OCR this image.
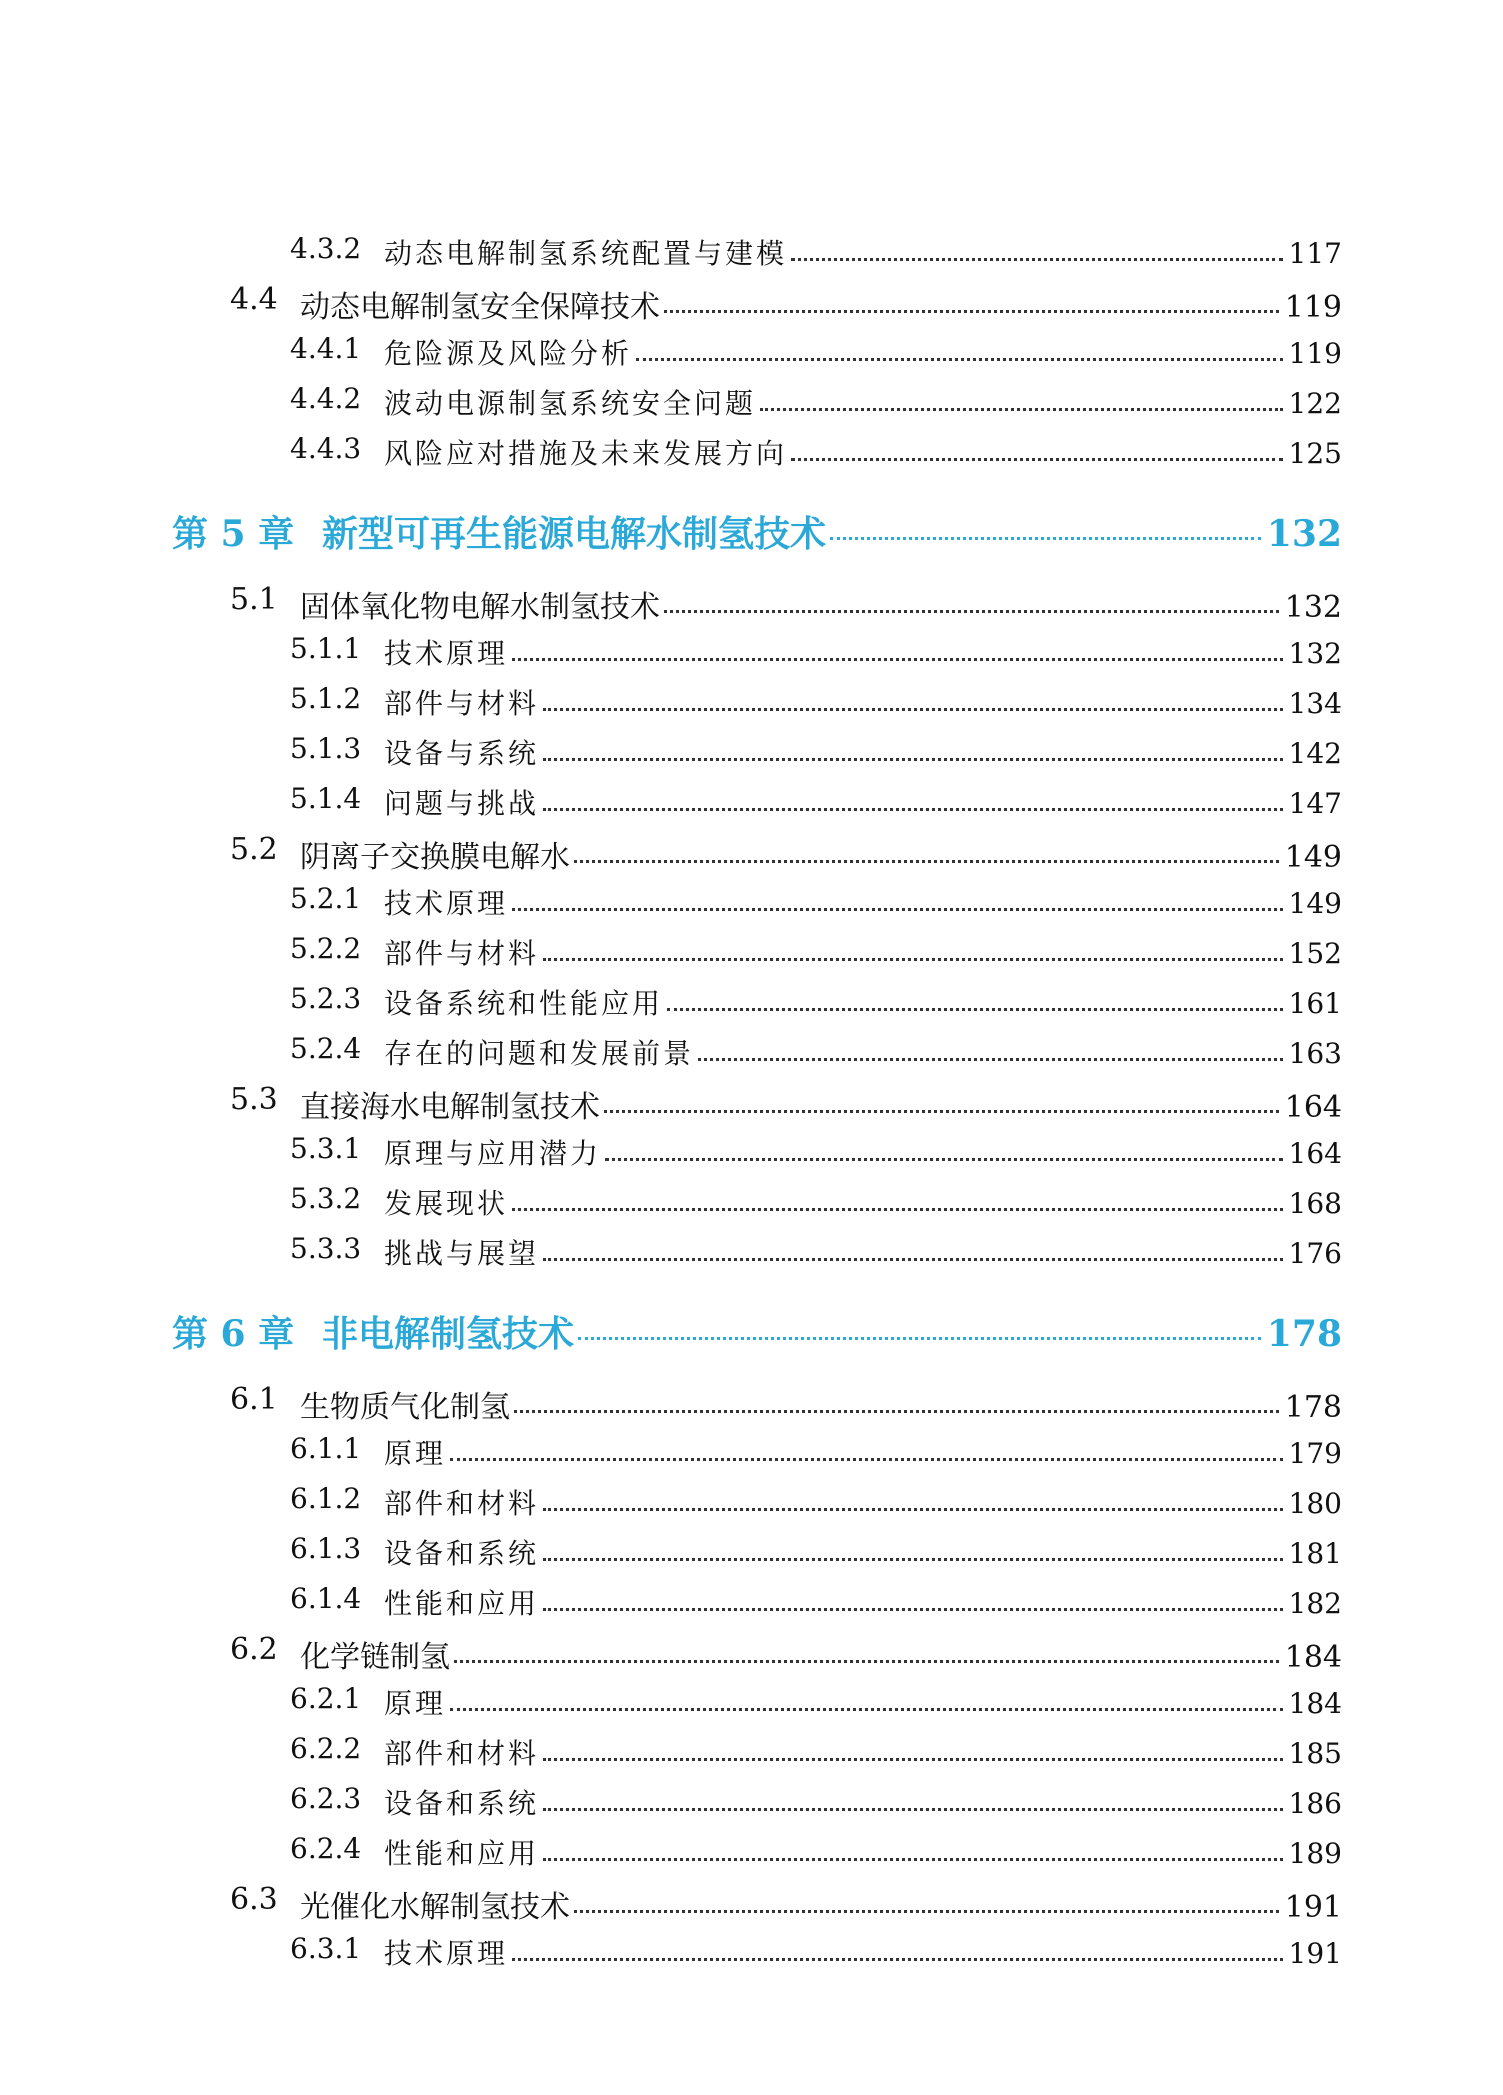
4.3.2 动态电解制氢系统配置与建模	117
4.4 动态电解制氢安全保障技术	119
4.4.1 危险源及风险分析	119
4.4.2 波动电源制氢系统安全问题	122
4.4.3 风险应对措施及未来发展方向	125
第 5 章 新型可再生能源电解水制氢技术	132
5.1 固体氧化物电解水制氢技术	132
5.1.1 技术原理	132
5.1.2 部件与材料	134
5.1.3 设备与系统	142
5.1.4 问题与挑战	147
5.2 阴离子交换膜电解水	149
5.2.1 技术原理	149
5.2.2 部件与材料	152
5.2.3 设备系统和性能应用	161
5.2.4 存在的问题和发展前景	163
5.3 直接海水电解制氢技术	164
5.3.1 原理与应用潜力	164
5.3.2 发展现状	168
5.3.3 挑战与展望	176
第 6 章 非电解制氢技术	178
6.1 生物质气化制氢	178
6.1.1 原理	179
6.1.2 部件和材料	180
6.1.3 设备和系统	181
6.1.4 性能和应用	182
6.2 化学链制氢	184
6.2.1 原理	184
6.2.2 部件和材料	185
6.2.3 设备和系统	186
6.2.4 性能和应用	189
6.3 光催化水解制氢技术	191
6.3.1 技术原理	191
